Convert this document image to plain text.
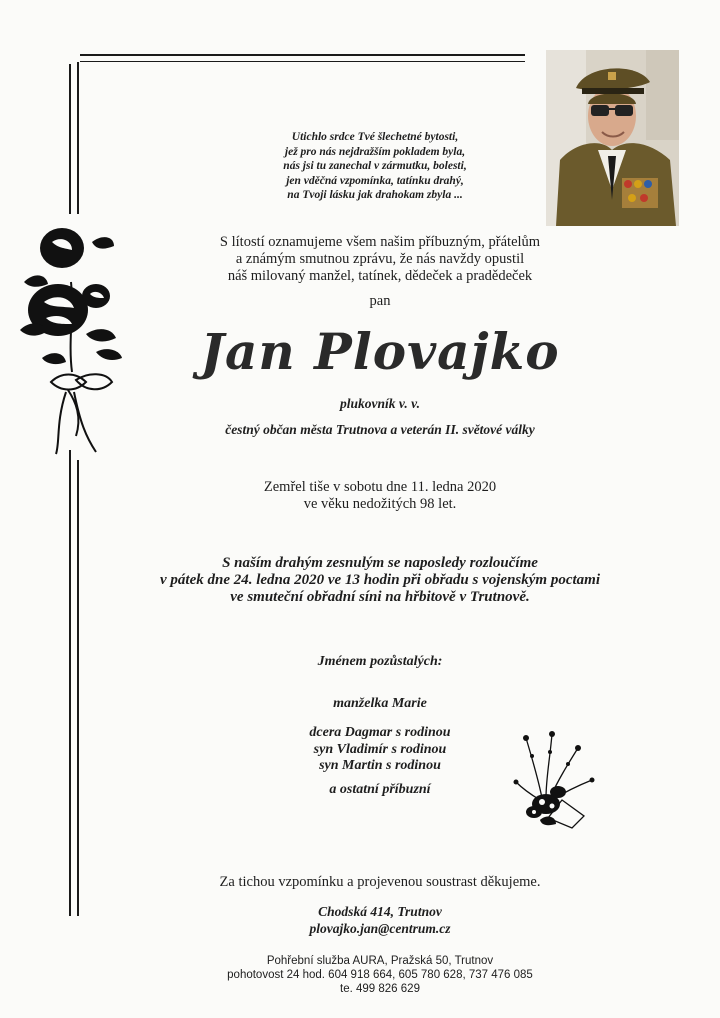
Utichlo srdce Tvé šlechetné bytosti,
jež pro nás nejdražším pokladem byla,
nás jsi tu zanechal v zármutku, bolesti,
jen vděčná vzpomínka, tatínku drahý,
na Tvoji lásku jak drahokam zbyla ...
S lítostí oznamujeme všem našim příbuzným, přátelům
a známým smutnou zprávu, že nás navždy opustil
náš milovaný manžel, tatínek, dědeček a pradědeček
pan
Jan Plovajko
plukovník v. v.
čestný občan města Trutnova a veterán II. světové války
Zemřel tiše v sobotu dne 11. ledna 2020
ve věku nedožitých 98 let.
S naším drahým zesnulým se naposledy rozloučíme
v pátek dne 24. ledna 2020 ve 13 hodin při obřadu s vojenským poctami
ve smuteční obřadní síni na hřbitově v Trutnově.
Jménem pozůstalých:
manželka Marie
dcera Dagmar s rodinou
syn Vladimír s rodinou
syn Martin s rodinou
a ostatní příbuzní
Za tichou vzpomínku a projevenou soustrast děkujeme.
Chodská 414, Trutnov
plovajko.jan@centrum.cz
Pohřební služba AURA, Pražská 50, Trutnov
pohotovost 24 hod. 604 918 664, 605 780 628, 737 476 085
te. 499 826 629
